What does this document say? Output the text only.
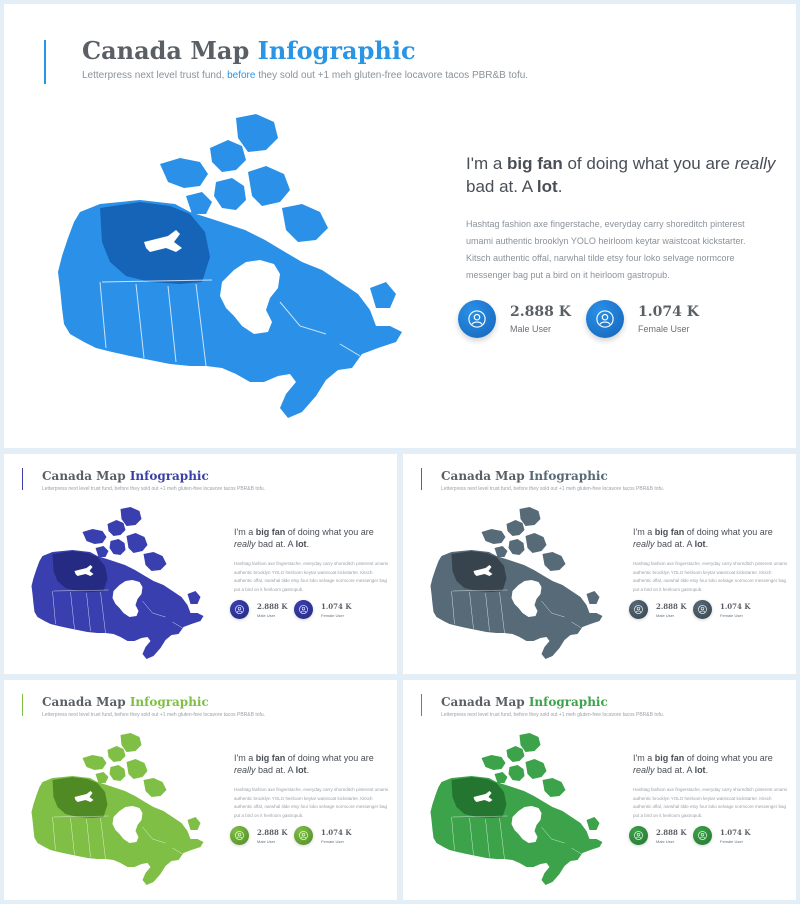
Canada Map Infographic
Letterpress next level trust fund, before they sold out +1 meh gluten-free locavore tacos PBR&B tofu.
I'm a big fan of doing what you are really bad at. A lot.
Hashtag fashion axe fingerstache, everyday carry shoreditch pinterest umami authentic brooklyn YOLO heirloom keytar waistcoat kickstarter. Kitsch authentic offal, narwhal tilde etsy four loko selvage normcore messenger bag put a bird on it heirloom gastropub.
2.888 K
Male User
1.074 K
Female User
Canada Map Infographic
Letterpress next level trust fund, before they sold out +1 meh gluten-free locavore tacos PBR&B tofu.
I'm a big fan of doing what you are really bad at. A lot.
Hashtag fashion axe fingerstache, everyday carry shoreditch pinterest umami authentic brooklyn YOLO heirloom keytar waistcoat kickstarter. Kitsch authentic offal, narwhal tilde etsy four loko selvage normcore messenger bag put a bird on it heirloom gastropub.
2.888 K
Male User
1.074 K
Female User
Canada Map Infographic
Letterpress next level trust fund, before they sold out +1 meh gluten-free locavore tacos PBR&B tofu.
I'm a big fan of doing what you are really bad at. A lot.
Hashtag fashion axe fingerstache, everyday carry shoreditch pinterest umami authentic brooklyn YOLO heirloom keytar waistcoat kickstarter. Kitsch authentic offal, narwhal tilde etsy four loko selvage normcore messenger bag put a bird on it heirloom gastropub.
2.888 K
Male User
1.074 K
Female User
Canada Map Infographic
Letterpress next level trust fund, before they sold out +1 meh gluten-free locavore tacos PBR&B tofu.
I'm a big fan of doing what you are really bad at. A lot.
Hashtag fashion axe fingerstache, everyday carry shoreditch pinterest umami authentic brooklyn YOLO heirloom keytar waistcoat kickstarter. Kitsch authentic offal, narwhal tilde etsy four loko selvage normcore messenger bag put a bird on it heirloom gastropub.
2.888 K
Male User
1.074 K
Female User
Canada Map Infographic
Letterpress next level trust fund, before they sold out +1 meh gluten-free locavore tacos PBR&B tofu.
I'm a big fan of doing what you are really bad at. A lot.
Hashtag fashion axe fingerstache, everyday carry shoreditch pinterest umami authentic brooklyn YOLO heirloom keytar waistcoat kickstarter. Kitsch authentic offal, narwhal tilde etsy four loko selvage normcore messenger bag put a bird on it heirloom gastropub.
2.888 K
Male User
1.074 K
Female User
